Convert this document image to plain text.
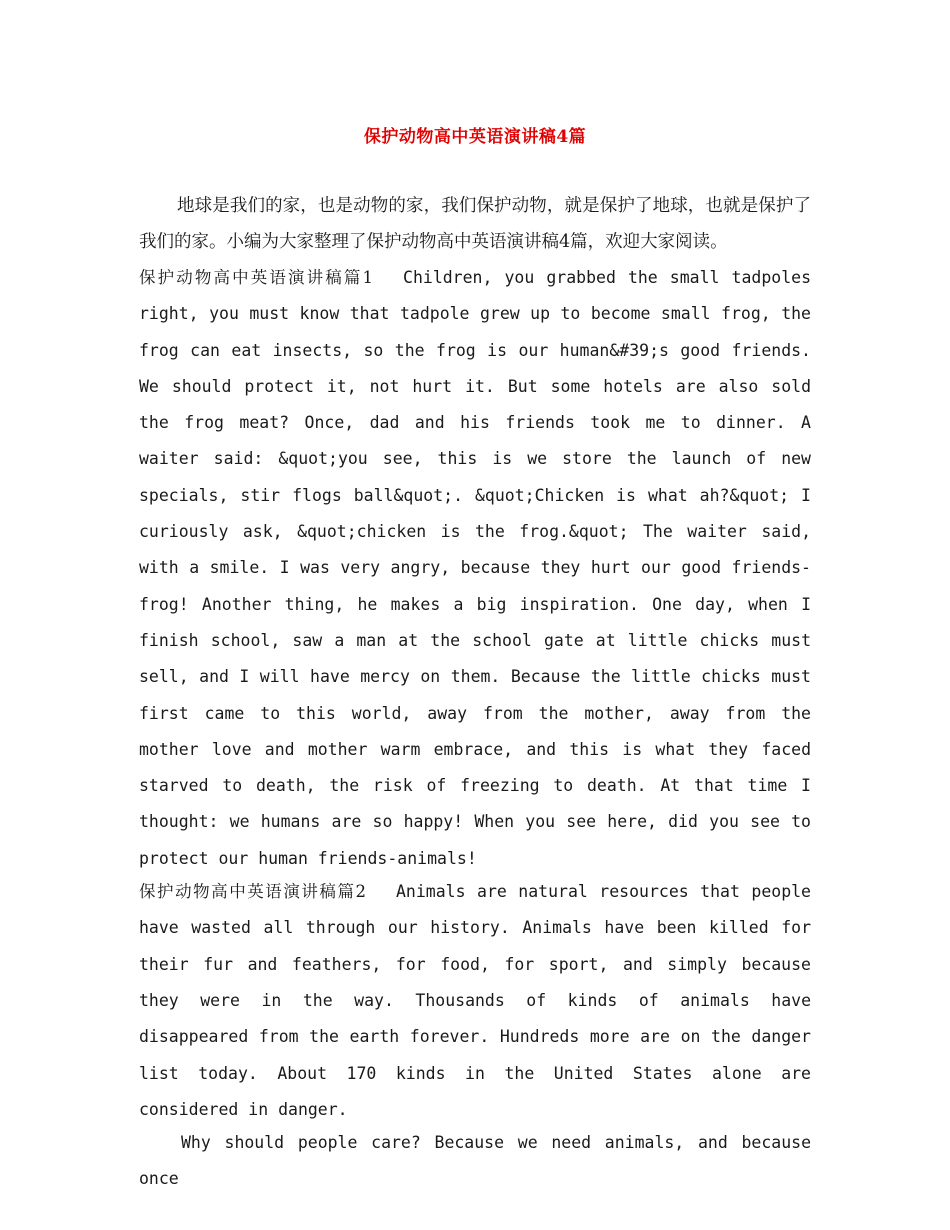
保护动物高中英语演讲稿4篇

地球是我们的家，也是动物的家，我们保护动物，就是保护了地球，也就是保护了我们的家。小编为大家整理了保护动物高中英语演讲稿4篇，欢迎大家阅读。

保护动物高中英语演讲稿篇1 Children, you grabbed the small tadpoles right, you must know that tadpole grew up to become small frog, the frog can eat insects, so the frog is our human&#39;s good friends. We should protect it, not hurt it. But some hotels are also sold the frog meat? Once, dad and his friends took me to dinner. A waiter said: &quot;you see, this is we store the launch of new specials, stir flogs ball&quot;. &quot;Chicken is what ah?&quot; I curiously ask, &quot;chicken is the frog.&quot; The waiter said, with a smile. I was very angry, because they hurt our good friends-frog! Another thing, he makes a big inspiration. One day, when I finish school, saw a man at the school gate at little chicks must sell, and I will have mercy on them. Because the little chicks must first came to this world, away from the mother, away from the mother love and mother warm embrace, and this is what they faced starved to death, the risk of freezing to death. At that time I thought: we humans are so happy! When you see here, did you see to protect our human friends-animals!

保护动物高中英语演讲稿篇2 Animals are natural resources that people have wasted all through our history. Animals have been killed for their fur and feathers, for food, for sport, and simply because they were in the way. Thousands of kinds of animals have disappeared from the earth forever. Hundreds more are on the danger list today. About 170 kinds in the United States alone are considered in danger.

Why should people care? Because we need animals, and because once
